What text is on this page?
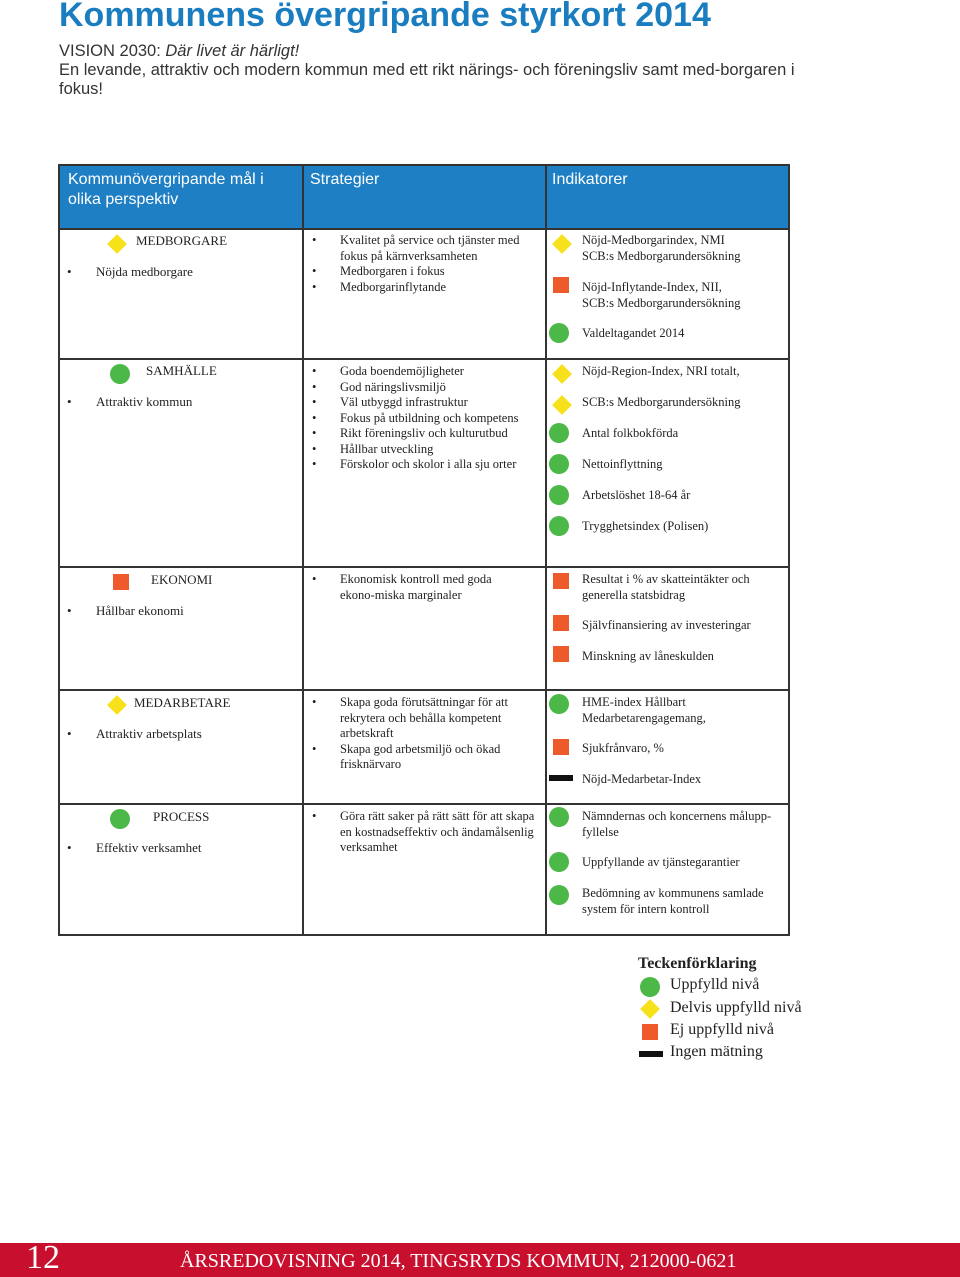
Kommunens övergripande styrkort 2014
VISION 2030: Där livet är härligt!
En levande, attraktiv och modern kommun med ett rikt närings- och föreningsliv samt med-borgaren i fokus!
Kommunövergripande mål i olika perspektiv
Strategier	Indikatorer
MEDBORGARE
• Nöjda medborgare
• Kvalitet på service och tjänster med fokus på kärnverksamheten
• Medborgaren i fokus
• Medborgarinflytande
Nöjd-Medborgarindex, NMI SCB:s Medborgarundersökning
Nöjd-Inflytande-Index, NII, SCB:s Medborgarundersökning
Valdeltagandet 2014
SAMHÄLLE
• Attraktiv kommun
• Goda boendemöjligheter
• God näringslivsmiljö
• Väl utbyggd infrastruktur
• Fokus på utbildning och kompetens
• Rikt föreningsliv och kulturutbud
• Hållbar utveckling
• Förskolor och skolor i alla sju orter
Nöjd-Region-Index, NRI totalt,
SCB:s Medborgarundersökning
Antal folkbokförda
Nettoinflyttning
Arbetslöshet 18-64 år
Trygghetsindex (Polisen)
EKONOMI
• Hållbar ekonomi
• Ekonomisk kontroll med goda ekono-miska marginaler
Resultat i % av skatteintäkter och generella statsbidrag
Självfinansiering av investeringar
Minskning av låneskulden
MEDARBETARE
• Attraktiv arbetsplats
• Skapa goda förutsättningar för att rekrytera och behålla kompetent arbetskraft
• Skapa god arbetsmiljö och ökad frisknärvaro
HME-index Hållbart Medarbetarengagemang,
Sjukfrånvaro, %
Nöjd-Medarbetar-Index
PROCESS
• Effektiv verksamhet
• Göra rätt saker på rätt sätt för att skapa en kostnadseffektiv och ändamålsenlig verksamhet
Nämndernas och koncernens målupp-fyllelse
Uppfyllande av tjänstegarantier
Bedömning av kommunens samlade system för intern kontroll
Teckenförklaring
Uppfylld nivå
Delvis uppfylld nivå
Ej uppfylld nivå
Ingen mätning
12	ÅRSREDOVISNING 2014, TINGSRYDS KOMMUN, 212000-0621
